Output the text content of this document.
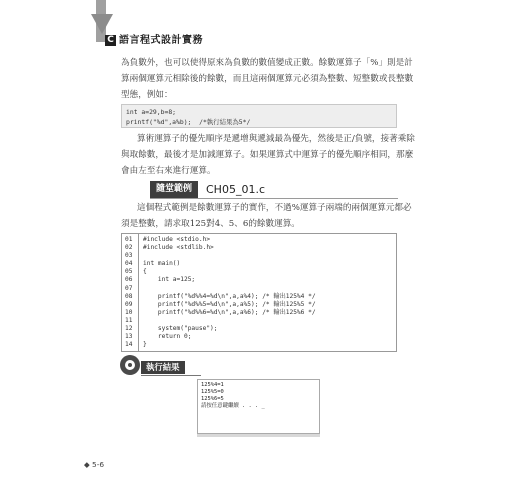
C 語言程式設計實務
為負數外，也可以使得原來為負數的數值變成正數。餘數運算子「%」則是計
算兩個運算元相除後的餘數，而且這兩個運算元必須為整數、短整數或長整數
型態，例如：
int a=29,b=8;
printf("%d",a%b);  /*執行結果為5*/
算術運算子的優先順序是遞增與遞減最為優先，然後是正/負號，接著乘除
與取餘數，最後才是加減運算子。如果運算式中運算子的優先順序相同，那麼
會由左至右來進行運算。
隨堂範例	CH05_01.c
這個程式範例是餘數運算子的實作，不過%運算子兩端的兩個運算元都必
須是整數，請求取125對4、5、6的餘數運算。
01 #include <stdio.h>
02 #include <stdlib.h>
03
04 int main()
05 {
06 int a=125;
07
08 printf("%d%%4=%d\n",a,a%4); /* 輸出125%4 */
09 printf("%d%%5=%d\n",a,a%5); /* 輸出125%5 */
10 printf("%d%%6=%d\n",a,a%6); /* 輸出125%6 */
11
12 system("pause");
13 return 0;
14 }
執行結果
125%4=1
125%5=0
125%6=5
請按任意鍵繼續 . . . _
◆ 5-6
